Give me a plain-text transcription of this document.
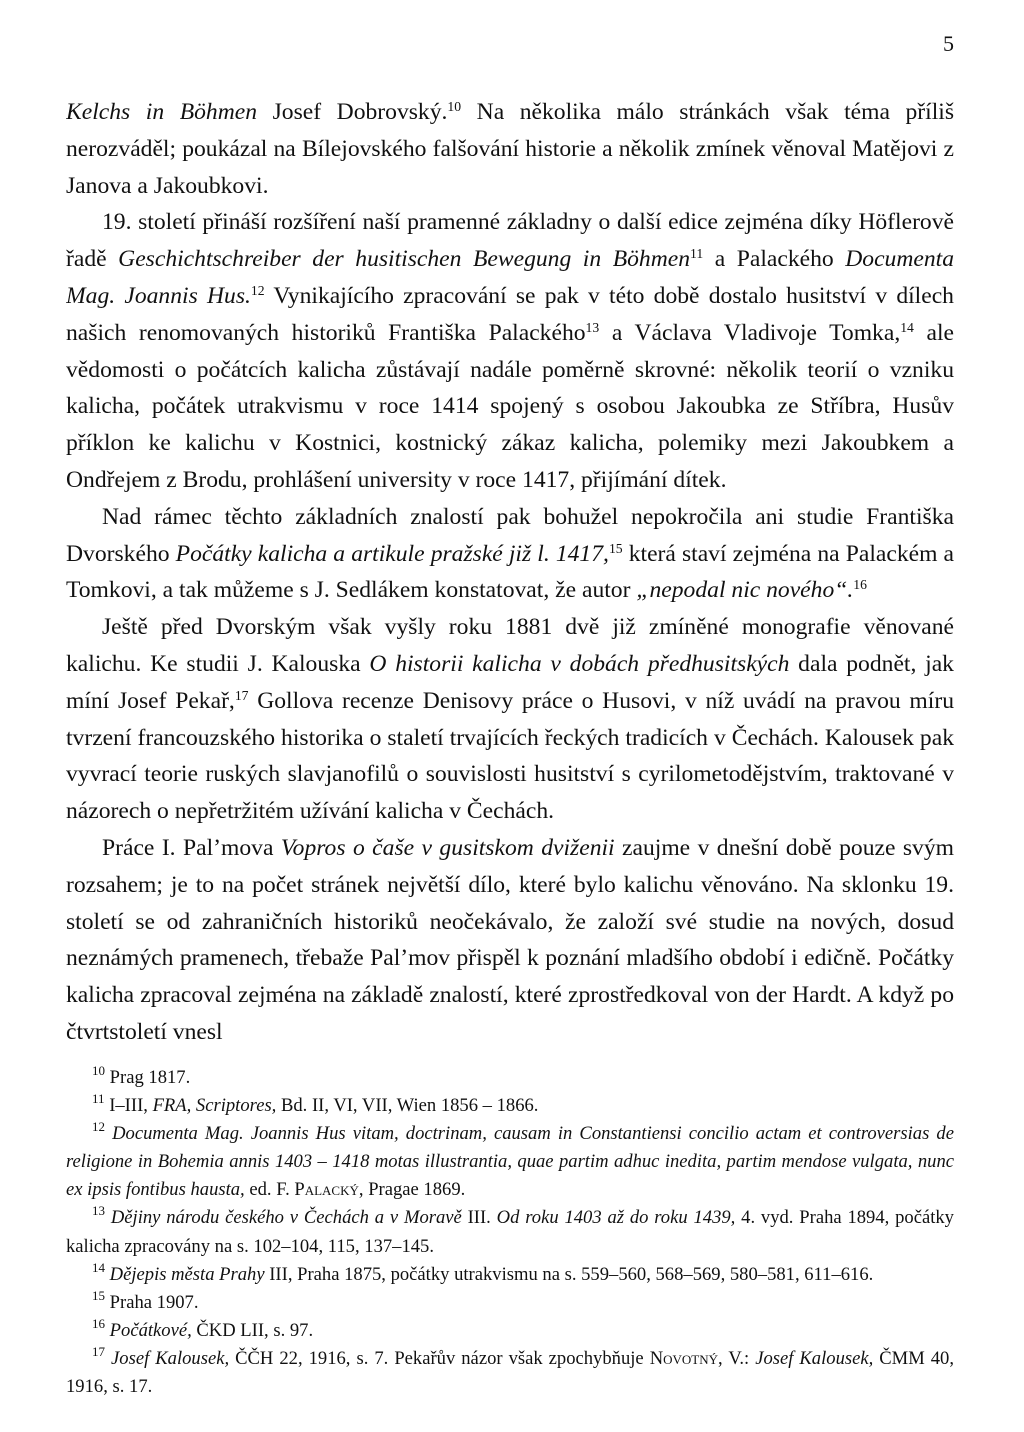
5

Kelchs in Böhmen Josef Dobrovský.$^{10}$ Na několika málo stránkách však téma příliš nerozváděl; poukázal na Bílejovského falšování historie a několik zmínek věnoval Matějovi z Janova a Jakoubkovi.

19. století přináší rozšíření naší pramenné základny o další edice zejména díky Höflerově řadě Geschichtschreiber der husitischen Bewegung in Böhmen$^{11}$ a Palackého Documenta Mag. Joannis Hus.$^{12}$ Vynikajícího zpracování se pak v této době dostalo husitství v dílech našich renomovaných historiků Františka Palackého$^{13}$ a Václava Vladivoje Tomka,$^{14}$ ale vědomosti o počátcích kalicha zůstávají nadále poměrně skrovné: několik teorií o vzniku kalicha, počátek utrakvismu v roce 1414 spojený s osobou Jakoubka ze Stříbra, Husův příklon ke kalichu v Kostnici, kostnický zákaz kalicha, polemiky mezi Jakoubkem a Ondřejem z Brodu, prohlášení university v roce 1417, přijímání dítek.

Nad rámec těchto základních znalostí pak bohužel nepokročila ani studie Františka Dvorského Počátky kalicha a artikule pražské již l. 1417,15 která staví zejména na Palackém a Tomkovi, a tak můžeme s J. Sedlákem konstatovat, že autor „nepodal nic nového“.$^{16}$

Ještě před Dvorským však vyšly roku 1881 dvě již zmíněné monografie věnované kalichu. Ke studii J. Kalouska O historii kalicha v dobách předhusitských dala podnět, jak míní Josef Pekař,$^{17}$ Gollova recenze Denisovy práce o Husovi, v níž uvádí na pravou míru tvrzení francouzského historika o staletí trvajících řeckých tradicích v Čechách. Kalousek pak vyvrací teorie ruských slavjanofilů o souvislosti husitství s cyrilometodějstvím, traktované v názorech o nepřetržitém užívání kalicha v Čechách.

Práce I. Pal’mova Vopros o čaše v gusitskom dviženii zaujme v dnešní době pouze svým rozsahem; je to na počet stránek největší dílo, které bylo kalichu věnováno. Na sklonku 19. století se od zahraničních historiků neočekávalo, že založí své studie na nových, dosud neznámých pramenech, třebaže Pal’mov přispěl k poznání mladšího období i edičně. Počátky kalicha zpracoval zejména na základě znalostí, které zprostředkoval von der Hardt. A když po čtvrtstoletí vnesl

$^{10}$ Prag 1817.

$^{11}$ I–III, FRA, Scriptores, Bd. II, VI, VII, Wien 1856 – 1866.

$^{12}$ Documenta Mag. Joannis Hus vitam, doctrinam, causam in Constantiensi concilio actam et controversias de religione in Bohemia annis 1403 – 1418 motas illustrantia, quae partim adhuc inedita, partim mendose vulgata, nunc ex ipsis fontibus hausta, ed. F. Palacký, Pragae 1869.

$^{13}$ Dějiny národu českého v Čechách a v Moravě III. Od roku 1403 až do roku 1439, 4. vyd. Praha 1894, počátky kalicha zpracovány na s. 102–104, 115, 137–145.

$^{14}$ Dějepis města Prahy III, Praha 1875, počátky utrakvismu na s. 559–560, 568–569, 580–581, 611–616.

$^{15}$ Praha 1907.

$^{16}$ Počátkové, ČKD LII, s. 97.

$^{17}$ Josef Kalousek, ČČH 22, 1916, s. 7. Pekařův názor však zpochybňuje Novotný, V.: Josef Kalousek, ČMM 40, 1916, s. 17.
